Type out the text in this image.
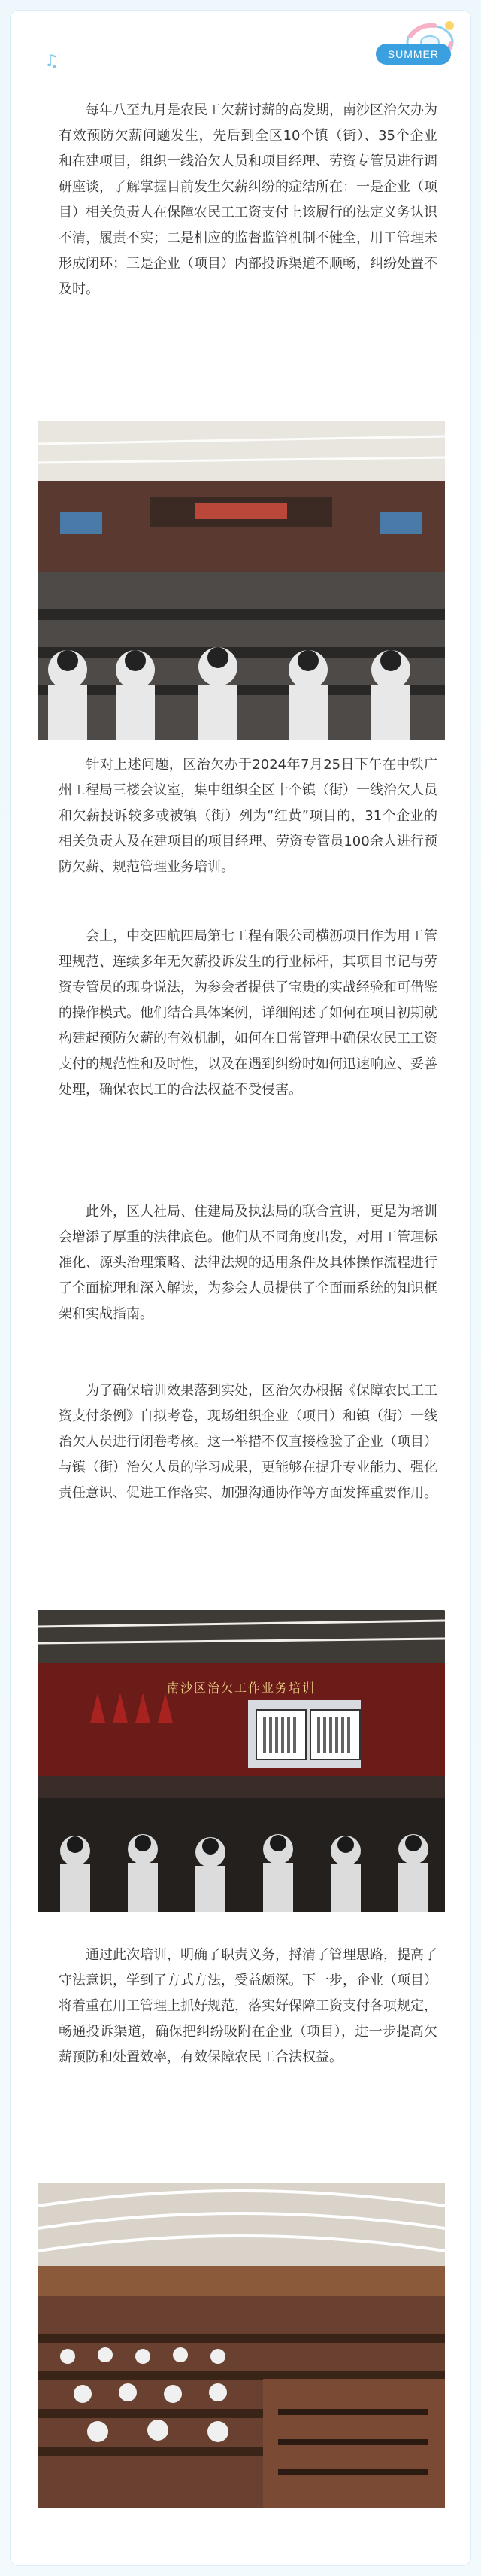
SUMMER
♫

每年八至九月是农民工欠薪讨薪的高发期，南沙区治欠办为有效预防欠薪问题发生，先后到全区10个镇（街）、35个企业和在建项目，组织一线治欠人员和项目经理、劳资专管员进行调研座谈，了解掌握目前发生欠薪纠纷的症结所在：一是企业（项目）相关负责人在保障农民工工资支付上该履行的法定义务认识不清，履责不实；二是相应的监督监管机制不健全，用工管理未形成闭环；三是企业（项目）内部投诉渠道不顺畅，纠纷处置不及时。

针对上述问题，区治欠办于2024年7月25日下午在中铁广州工程局三楼会议室，集中组织全区十个镇（街）一线治欠人员和欠薪投诉较多或被镇（街）列为“红黄”项目的，31个企业的相关负责人及在建项目的项目经理、劳资专管员100余人进行预防欠薪、规范管理业务培训。

会上，中交四航四局第七工程有限公司横沥项目作为用工管理规范、连续多年无欠薪投诉发生的行业标杆，其项目书记与劳资专管员的现身说法，为参会者提供了宝贵的实战经验和可借鉴的操作模式。他们结合具体案例，详细阐述了如何在项目初期就构建起预防欠薪的有效机制，如何在日常管理中确保农民工工资支付的规范性和及时性，以及在遇到纠纷时如何迅速响应、妥善处理，确保农民工的合法权益不受侵害。

此外，区人社局、住建局及执法局的联合宣讲，更是为培训会增添了厚重的法律底色。他们从不同角度出发，对用工管理标准化、源头治理策略、法律法规的适用条件及具体操作流程进行了全面梳理和深入解读，为参会人员提供了全面而系统的知识框架和实战指南。

为了确保培训效果落到实处，区治欠办根据《保障农民工工资支付条例》自拟考卷，现场组织企业（项目）和镇（街）一线治欠人员进行闭卷考核。这一举措不仅直接检验了企业（项目）与镇（街）治欠人员的学习成果，更能够在提升专业能力、强化责任意识、促进工作落实、加强沟通协作等方面发挥重要作用。

南沙区治欠工作业务培训

通过此次培训，明确了职责义务，捋清了管理思路，提高了守法意识，学到了方式方法，受益颇深。下一步，企业（项目）将着重在用工管理上抓好规范，落实好保障工资支付各项规定，畅通投诉渠道，确保把纠纷吸附在企业（项目），进一步提高欠薪预防和处置效率，有效保障农民工合法权益。
